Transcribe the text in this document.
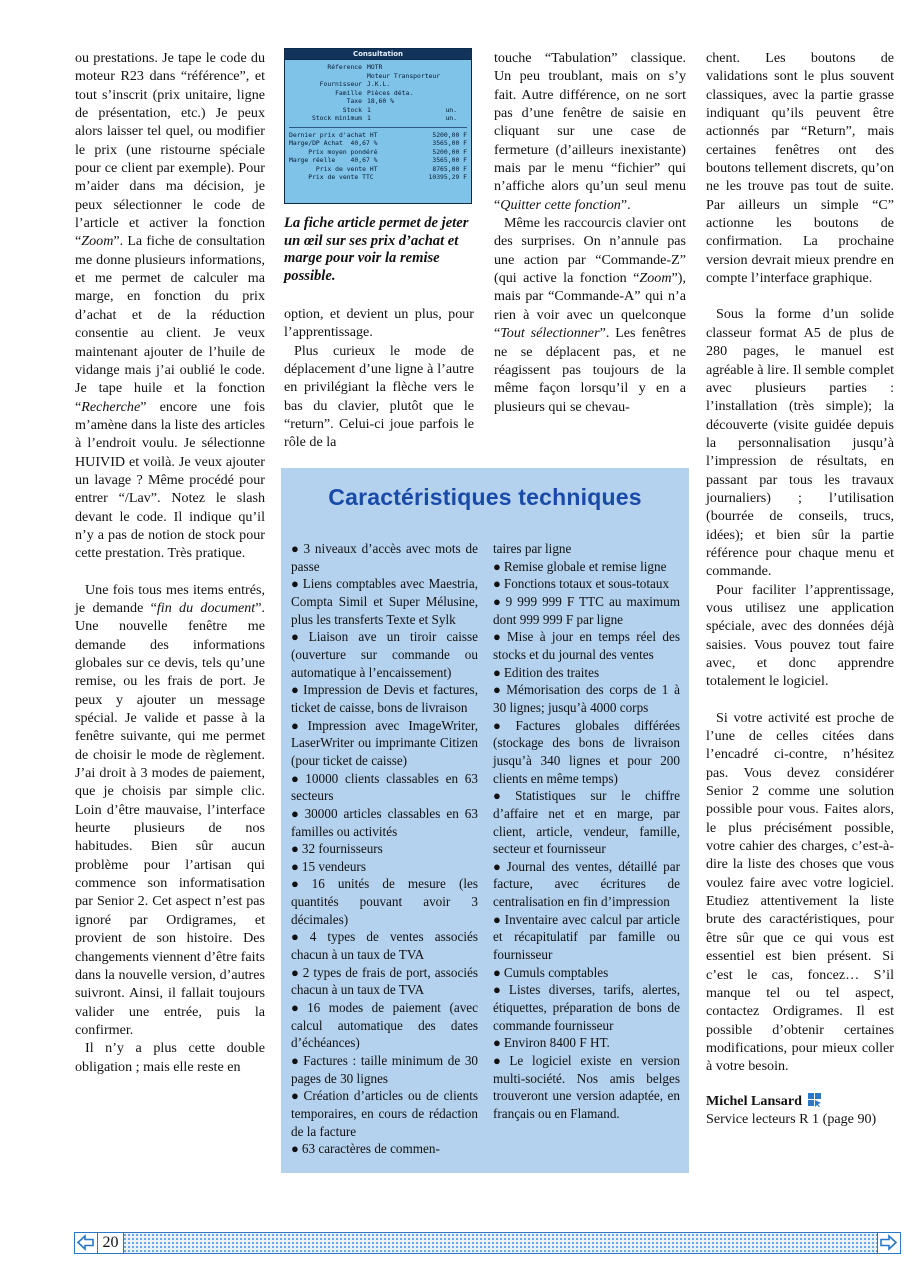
ou prestations. Je tape le code du moteur R23 dans “référence”, et tout s’inscrit (prix unitaire, ligne de présentation, etc.) Je peux alors laisser tel quel, ou modifier le prix (une ristourne spéciale pour ce client par exemple). Pour m’aider dans ma décision, je peux sélectionner le code de l’article et activer la fonction “Zoom”. La fiche de consultation me donne plusieurs informations, et me permet de calculer ma marge, en fonction du prix d’achat et de la réduction consentie au client. Je veux maintenant ajouter de l’huile de vidange mais j’ai oublié le code. Je tape huile et la fonction “Recherche” encore une fois m’amène dans la liste des articles à l’endroit voulu. Je sélectionne HUIVID et voilà. Je veux ajouter un lavage ? Même procédé pour entrer “/Lav”. Notez le slash devant le code. Il indique qu’il n’y a pas de notion de stock pour cette prestation. Très pratique.

Une fois tous mes items entrés, je demande “fin du document”. Une nouvelle fenêtre me demande des informations globales sur ce devis, tels qu’une remise, ou les frais de port. Je peux y ajouter un message spécial. Je valide et passe à la fenêtre suivante, qui me permet de choisir le mode de règlement. J’ai droit à 3 modes de paiement, que je choisis par simple clic. Loin d’être mauvaise, l’interface heurte plusieurs de nos habitudes. Bien sûr aucun problème pour l’artisan qui commence son informatisation par Senior 2. Cet aspect n’est pas ignoré par Ordigrames, et provient de son histoire. Des changements viennent d’être faits dans la nouvelle version, d’autres suivront. Ainsi, il fallait toujours valider une entrée, puis la confirmer.

Il n’y a plus cette double obligation ; mais elle reste en

Consultation
Réference MOTR
Moteur Transporteur
Fournisseur J.K.L.
Famille Pièces déta.
Taxe 18,60 %
Stock 1	un.
Stock minimum 1	un.
Dernier prix d'achat HT	5200,00 F
Marge/DP Achat  40,67 %	3565,00 F
Prix moyen pondéré	5200,00 F
Marge réelle    40,67 %	3565,00 F
Prix de vente HT	8765,00 F
Prix de vente TTC	10395,29 F
La fiche article permet de jeter un œil sur ses prix d’achat et marge pour voir la remise possible.

option, et devient un plus, pour l’apprentissage.

Plus curieux le mode de déplacement d’une ligne à l’autre en privilégiant la flèche vers le bas du clavier, plutôt que le “return”. Celui-ci joue parfois le rôle de la

touche “Tabulation” classique. Un peu troublant, mais on s’y fait. Autre différence, on ne sort pas d’une fenêtre de saisie en cliquant sur une case de fermeture (d’ailleurs inexistante) mais par le menu “fichier” qui n’affiche alors qu’un seul menu “Quitter cette fonction”.

Même les raccourcis clavier ont des surprises. On n’annule pas une action par “Commande-Z” (qui active la fonction “Zoom”), mais par “Commande-A” qui n’a rien à voir avec un quelconque “Tout sélectionner”. Les fenêtres ne se déplacent pas, et ne réagissent pas toujours de la même façon lorsqu’il y en a plusieurs qui se chevau-

chent. Les boutons de validations sont le plus souvent classiques, avec la partie grasse indiquant qu’ils peuvent être actionnés par “Return”, mais certaines fenêtres ont des boutons tellement discrets, qu’on ne les trouve pas tout de suite. Par ailleurs un simple “C” actionne les boutons de confirmation. La prochaine version devrait mieux prendre en compte l’interface graphique.

Sous la forme d’un solide classeur format A5 de plus de 280 pages, le manuel est agréable à lire. Il semble complet avec plusieurs parties : l’installation (très simple); la découverte (visite guidée depuis la personnalisation jusqu’à l’impression de résultats, en passant par tous les travaux journaliers) ; l’utilisation (bourrée de conseils, trucs, idées); et bien sûr la partie référence pour chaque menu et commande.

Pour faciliter l’apprentissage, vous utilisez une application spéciale, avec des données déjà saisies. Vous pouvez tout faire avec, et donc apprendre totalement le logiciel.

Si votre activité est proche de l’une de celles citées dans l’encadré ci-contre, n’hésitez pas. Vous devez considérer Senior 2 comme une solution possible pour vous. Faites alors, le plus précisément possible, votre cahier des charges, c’est-à-dire la liste des choses que vous voulez faire avec votre logiciel. Etudiez attentivement la liste brute des caractéristiques, pour être sûr que ce qui vous est essentiel est bien présent. Si c’est le cas, foncez… S’il manque tel ou tel aspect, contactez Ordigrames. Il est possible d’obtenir certaines modifications, pour mieux coller à votre besoin.

Michel Lansard

Service lecteurs R 1 (page 90)

Caractéristiques techniques
● 3 niveaux d’accès avec mots de passe
● Liens comptables avec Maestria, Compta Simil et Super Mélusine, plus les transferts Texte et Sylk
● Liaison ave un tiroir caisse (ouverture sur commande ou automatique à l’encaissement)
● Impression de Devis et factures, ticket de caisse, bons de livraison
● Impression avec ImageWriter, LaserWriter ou imprimante Citizen (pour ticket de caisse)
● 10000 clients classables en 63 secteurs
● 30000 articles classables en 63 familles ou activités
● 32 fournisseurs
● 15 vendeurs
● 16 unités de mesure (les quantités pouvant avoir 3 décimales)
● 4 types de ventes associés chacun à un taux de TVA
● 2 types de frais de port, associés chacun à un taux de TVA
● 16 modes de paiement (avec calcul automatique des dates d’échéances)
● Factures : taille minimum de 30 pages de 30 lignes
● Création d’articles ou de clients temporaires, en cours de rédaction de la facture
● 63 caractères de commen-
taires par ligne
● Remise globale et remise ligne
● Fonctions totaux et sous-totaux
● 9 999 999 F TTC au maximum dont 999 999 F par ligne
● Mise à jour en temps réel des stocks et du journal des ventes
● Edition des traites
● Mémorisation des corps de 1 à 30 lignes; jusqu’à 4000 corps
● Factures globales différées (stockage des bons de livraison jusqu’à 340 lignes et pour 200 clients en même temps)
● Statistiques sur le chiffre d’affaire net et en marge, par client, article, vendeur, famille, secteur et fournisseur
● Journal des ventes, détaillé par facture, avec écritures de centralisation en fin d’impression
● Inventaire avec calcul par article et récapitulatif par famille ou fournisseur
● Cumuls comptables
● Listes diverses, tarifs, alertes, étiquettes, préparation de bons de commande fournisseur
● Environ 8400 F HT.
● Le logiciel existe en version multi-société. Nos amis belges trouveront une version adaptée, en français ou en Flamand.
20
